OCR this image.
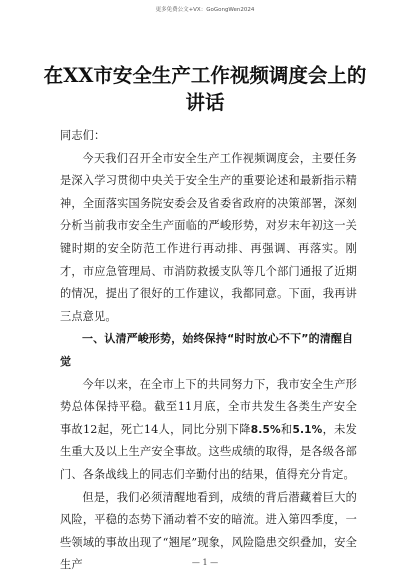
更多免费公文+VX：GoGongWen2024
在XX市安全生产工作视频调度会上的讲话

同志们：

今天我们召开全市安全生产工作视频调度会，主要任务是深入学习贯彻中央关于安全生产的重要论述和最新指示精神，全面落实国务院安委会及省委省政府的决策部署，深刻分析当前我市安全生产面临的严峻形势，对岁末年初这一关键时期的安全防范工作进行再动排、再强调、再落实。刚才，市应急管理局、市消防救援支队等几个部门通报了近期的情况，提出了很好的工作建议，我都同意。下面，我再讲三点意见。

一、认清严峻形势，始终保持“时时放心不下”的清醒自觉

今年以来，在全市上下的共同努力下，我市安全生产形势总体保持平稳。截至11月底，全市共发生各类生产安全事故12起，死亡14人，同比分别下降8.5%和5.1%，未发生重大及以上生产安全事故。这些成绩的取得，是各级各部门、各条战线上的同志们辛勤付出的结果，值得充分肯定。

但是，我们必须清醒地看到，成绩的背后潜藏着巨大的风险，平稳的态势下涌动着不安的暗流。进入第四季度，一些领域的事故出现了“翘尾”现象，风险隐患交织叠加，安全生产	— 1 —
